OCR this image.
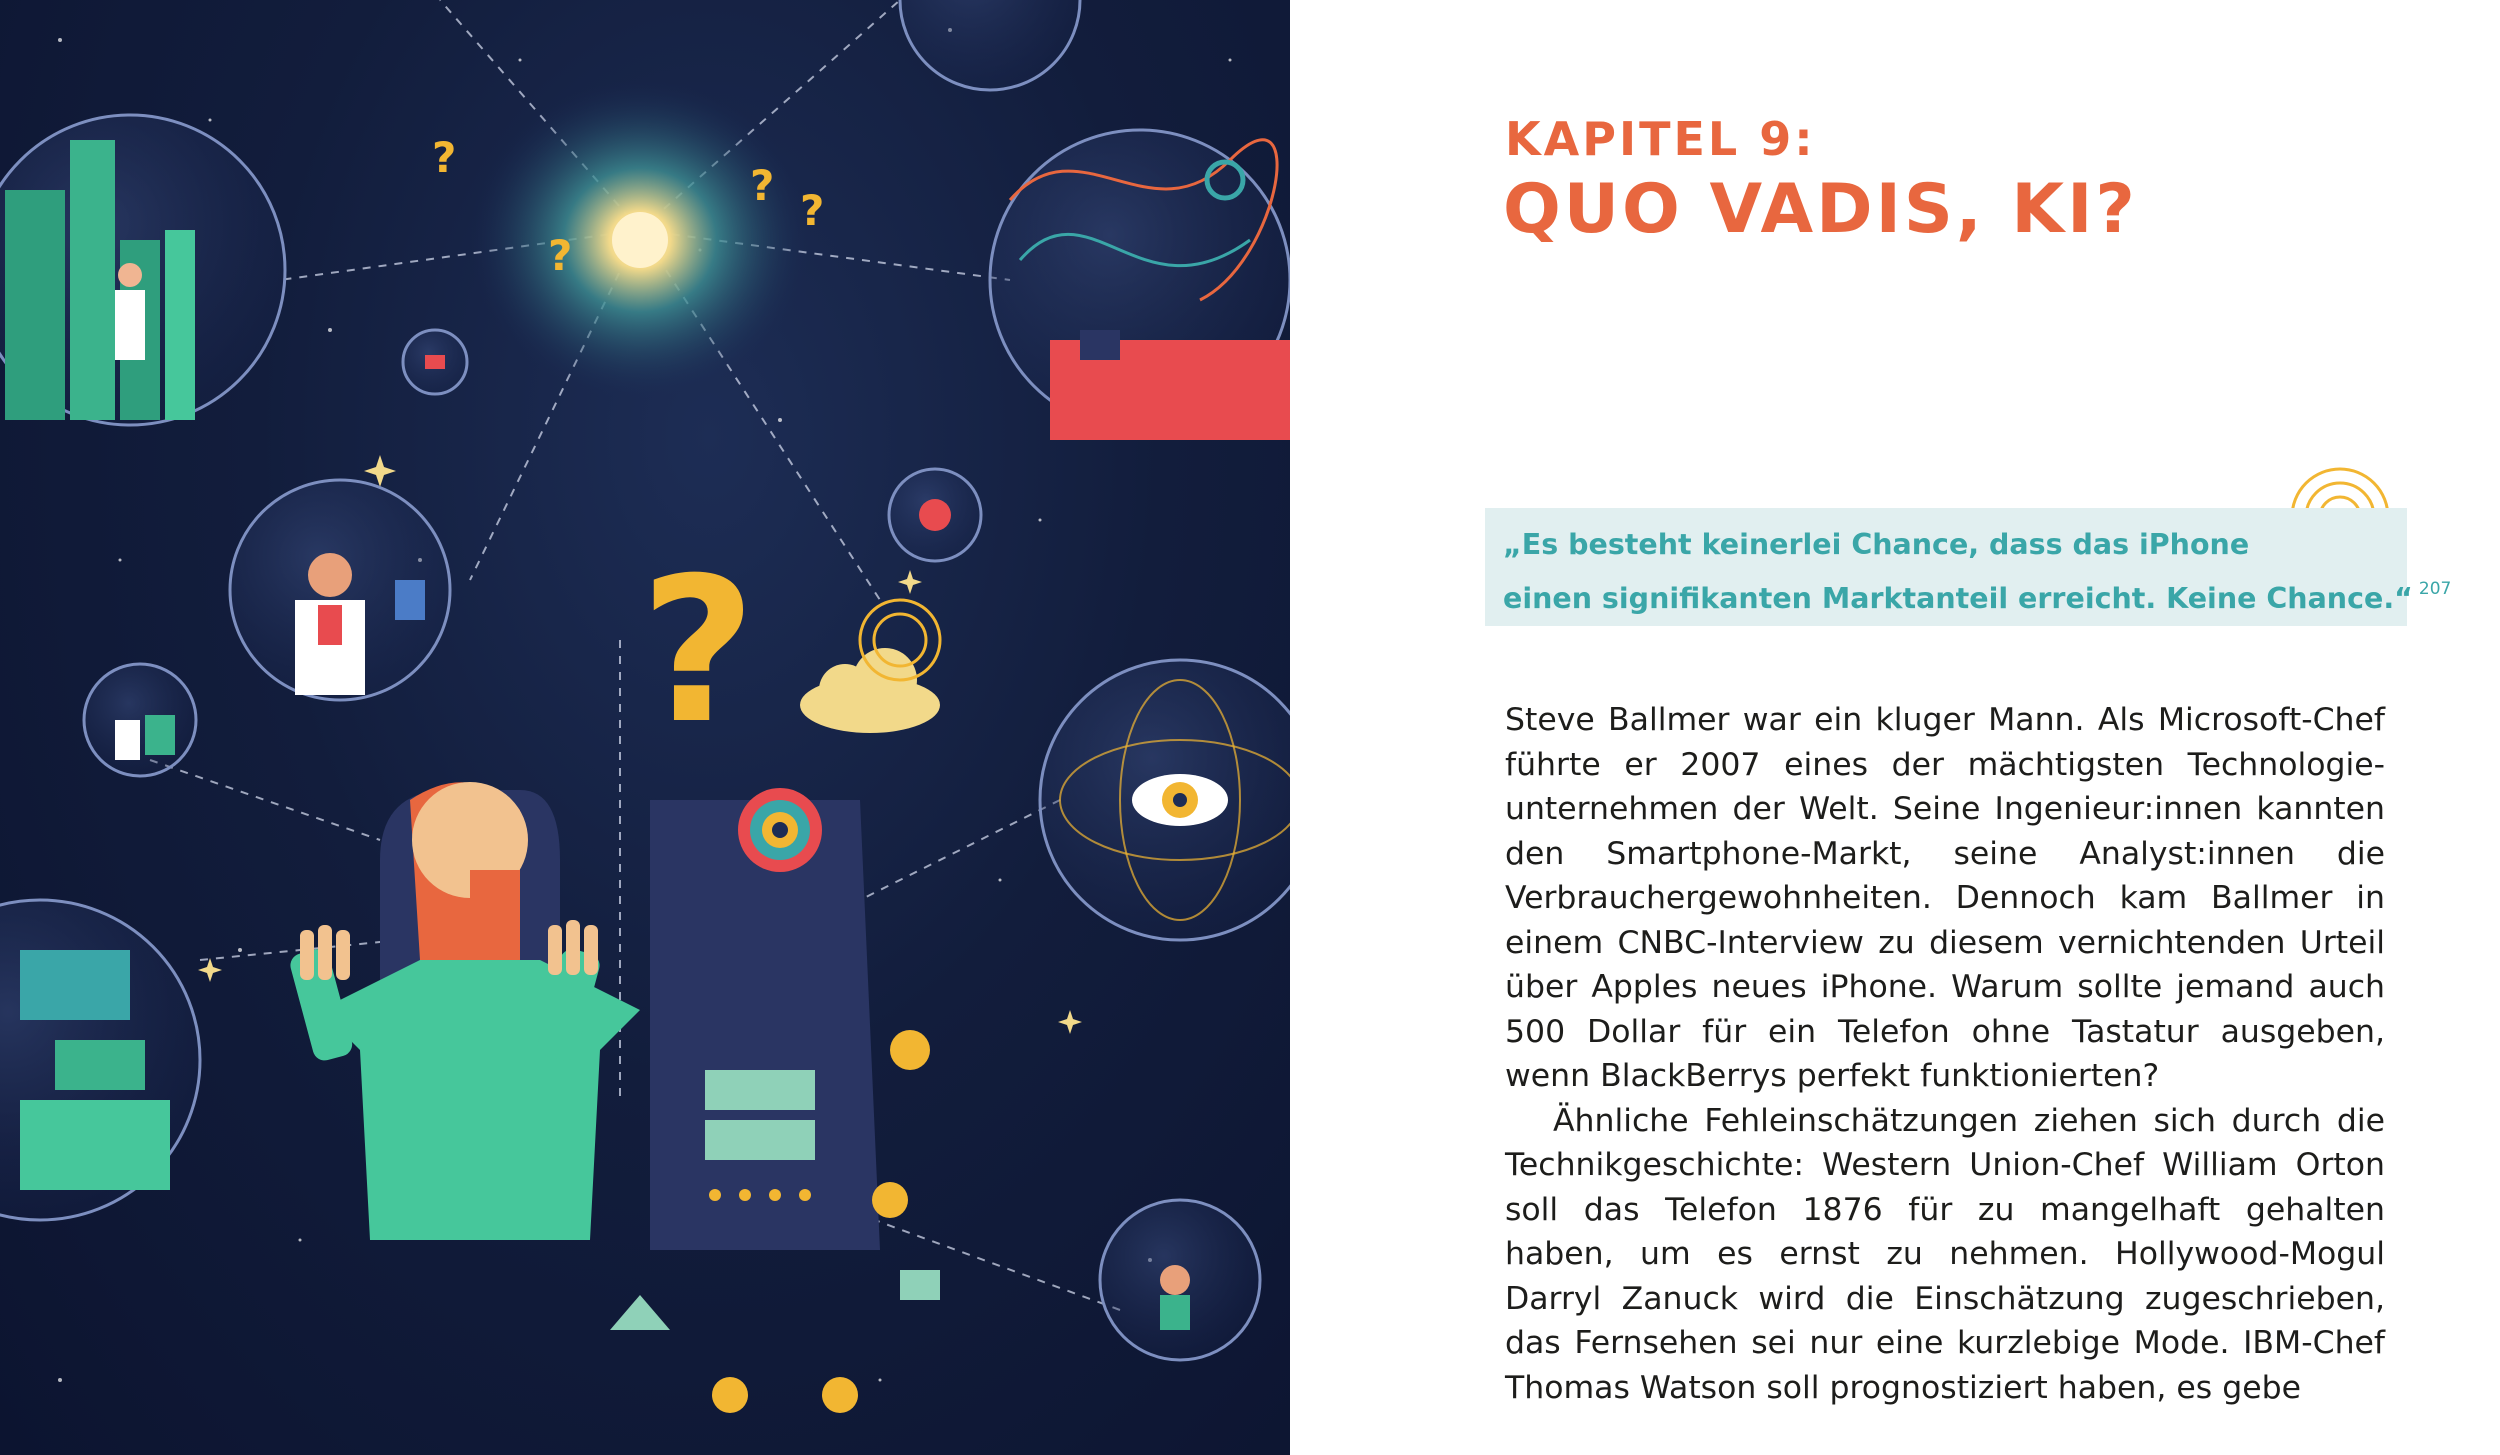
?
?
?
?
?
KAPITEL 9:
QUO VADIS, KI?
„Es besteht keinerlei Chance, dass das iPhone
einen signifikanten Marktanteil erreicht. Keine Chance.“ $^{207}$

Steve Ballmer war ein kluger Mann. Als Microsoft-Chef führte er 2007 eines der mächtigsten Technologieunternehmen der Welt. Seine Ingenieur:innen kannten den Smartphone-Markt, seine Analyst:innen die Verbrauchergewohnheiten. Dennoch kam Ballmer in einem CNBC-Interview zu diesem vernichtenden Urteil über Apples neues iPhone. Warum sollte jemand auch 500 Dollar für ein Telefon ohne Tastatur ausgeben, wenn BlackBerrys perfekt funktionierten?

Ähnliche Fehleinschätzungen ziehen sich durch die Technikgeschichte: Western Union-Chef William Orton soll das Telefon 1876 für zu mangelhaft gehalten haben, um es ernst zu nehmen. Hollywood-Mogul Darryl Zanuck wird die Einschätzung zugeschrieben, das Fernsehen sei nur eine kurzlebige Mode. IBM-Chef Thomas Watson soll prognostiziert haben, es gebe
